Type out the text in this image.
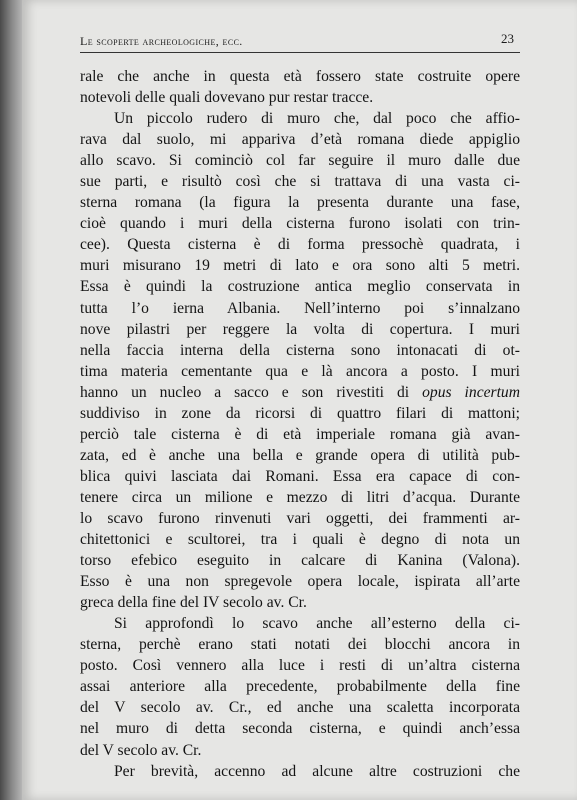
Le scoperte archeologiche, ecc.	23
rale che anche in questa età fossero state costruite opere
notevoli delle quali dovevano pur restar tracce.
Un piccolo rudero di muro che, dal poco che affio-
rava dal suolo, mi appariva d’età romana diede appiglio
allo scavo. Si cominciò col far seguire il muro dalle due
sue parti, e risultò così che si trattava di una vasta ci-
sterna romana (la figura la presenta durante una fase,
cioè quando i muri della cisterna furono isolati con trin-
cee). Questa cisterna è di forma pressochè quadrata, i
muri misurano 19 metri di lato e ora sono alti 5 metri.
Essa è quindi la costruzione antica meglio conservata in
tutta l’o ierna Albania. Nell’interno poi s’innalzano
nove pilastri per reggere la volta di copertura. I muri
nella faccia interna della cisterna sono intonacati di ot-
tima materia cementante qua e là ancora a posto. I muri
hanno un nucleo a sacco e son rivestiti di opus incertum
suddiviso in zone da ricorsi di quattro filari di mattoni;
perciò tale cisterna è di età imperiale romana già avan-
zata, ed è anche una bella e grande opera di utilità pub-
blica quivi lasciata dai Romani. Essa era capace di con-
tenere circa un milione e mezzo di litri d’acqua. Durante
lo scavo furono rinvenuti vari oggetti, dei frammenti ar-
chitettonici e scultorei, tra i quali è degno di nota un
torso efebico eseguito in calcare di Kanina (Valona).
Esso è una non spregevole opera locale, ispirata all’arte
greca della fine del IV secolo av. Cr.
Si approfondì lo scavo anche all’esterno della ci-
sterna, perchè erano stati notati dei blocchi ancora in
posto. Così vennero alla luce i resti di un’altra cisterna
assai anteriore alla precedente, probabilmente della fine
del V secolo av. Cr., ed anche una scaletta incorporata
nel muro di detta seconda cisterna, e quindi anch’essa
del V secolo av. Cr.
Per brevità, accenno ad alcune altre costruzioni che
